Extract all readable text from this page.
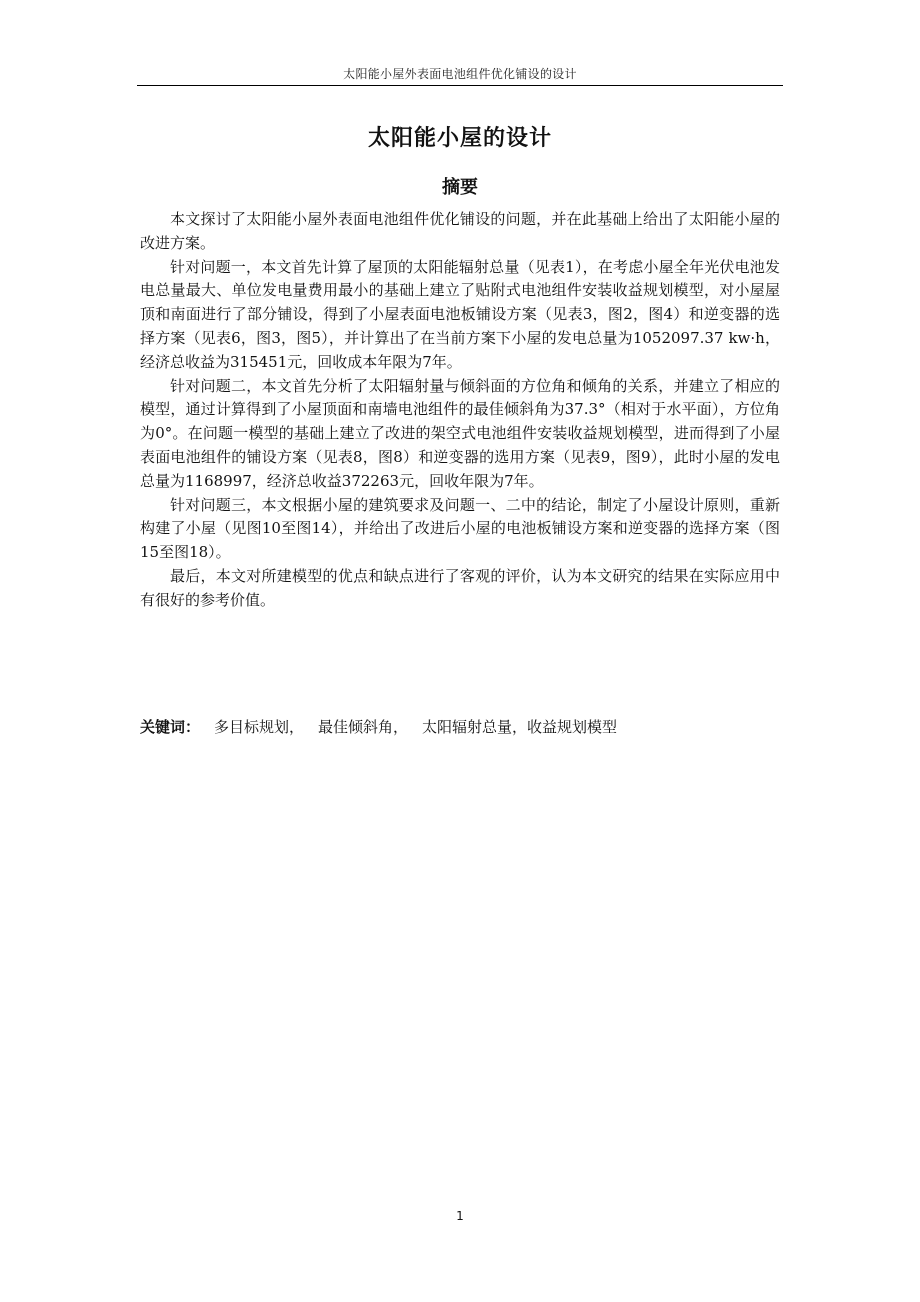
太阳能小屋外表面电池组件优化铺设的设计
太阳能小屋的设计
摘要

本文探讨了太阳能小屋外表面电池组件优化铺设的问题，并在此基础上给出了太阳能小屋的改进方案。

针对问题一，本文首先计算了屋顶的太阳能辐射总量（见表1），在考虑小屋全年光伏电池发电总量最大、单位发电量费用最小的基础上建立了贴附式电池组件安装收益规划模型，对小屋屋顶和南面进行了部分铺设，得到了小屋表面电池板铺设方案（见表3，图2，图4）和逆变器的选择方案（见表6，图3，图5），并计算出了在当前方案下小屋的发电总量为1052097.37 kw·h，经济总收益为315451元，回收成本年限为7年。

针对问题二，本文首先分析了太阳辐射量与倾斜面的方位角和倾角的关系，并建立了相应的模型，通过计算得到了小屋顶面和南墙电池组件的最佳倾斜角为37.3°（相对于水平面），方位角为0°。在问题一模型的基础上建立了改进的架空式电池组件安装收益规划模型，进而得到了小屋表面电池组件的铺设方案（见表8，图8）和逆变器的选用方案（见表9，图9），此时小屋的发电总量为1168997，经济总收益372263元，回收年限为7年。

针对问题三，本文根据小屋的建筑要求及问题一、二中的结论，制定了小屋设计原则，重新构建了小屋（见图10至图14），并给出了改进后小屋的电池板铺设方案和逆变器的选择方案（图15至图18）。

最后，本文对所建模型的优点和缺点进行了客观的评价，认为本文研究的结果在实际应用中有很好的参考价值。

关键词： 多目标规划， 最佳倾斜角， 太阳辐射总量，收益规划模型
1
